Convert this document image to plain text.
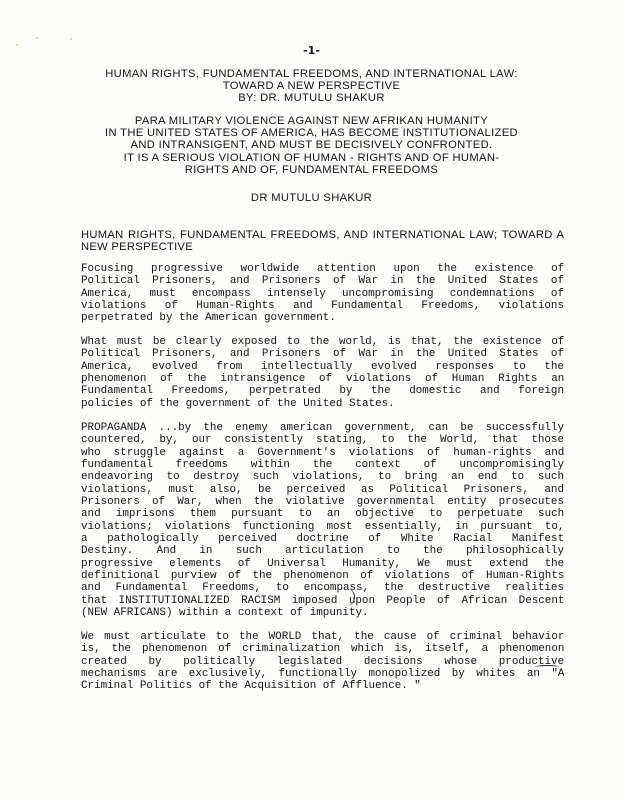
-1-
HUMAN RIGHTS, FUNDAMENTAL FREEDOMS, AND INTERNATIONAL LAW:
TOWARD A NEW PERSPECTIVE
BY: DR. MUTULU SHAKUR
PARA MILITARY VIOLENCE AGAINST NEW AFRIKAN HUMANITY
IN THE UNITED STATES OF AMERICA, HAS BECOME INSTITUTIONALIZED
AND INTRANSIGENT, AND MUST BE DECISIVELY CONFRONTED.
IT IS A SERIOUS VIOLATION OF HUMAN - RIGHTS AND OF HUMAN-
RIGHTS AND OF, FUNDAMENTAL FREEDOMS
DR MUTULU SHAKUR
HUMAN RIGHTS, FUNDAMENTAL FREEDOMS, AND INTERNATIONAL LAW; TOWARD A
NEW PERSPECTIVE
Focusing progressive worldwide attention upon the existence of
Political Prisoners, and Prisoners of War in the United States of
America, must encompass intensely uncompromising condemnations of
violations of Human-Rights and Fundamental Freedoms, violations
perpetrated by the American government.
What must be clearly exposed to the world, is that, the existence of
Political Prisoners, and Prisoners of War in the United States of
America, evolved from intellectually evolved responses to the
phenomenon of the intransigence of violations of Human Rights an
Fundamental Freedoms, perpetrated by the domestic and foreign
policies of the government of the United States.
PROPAGANDA ...by the enemy american government, can be successfully
countered, by, our consistently stating, to the World, that those
who struggle against a Government's violations of human-rights and
fundamental freedoms within the context of uncompromisingly
endeavoring to destroy such violations, to bring an end to such
violations, must also, be perceived as Political Prisoners, and
Prisoners of War, when the violative governmental entity prosecutes
and imprisons them pursuant to an objective to perpetuate such
violations; violations functioning most essentially, in pursuant to,
a pathologically perceived doctrine of White Racial Manifest
Destiny. And in such articulation to the philosophically
progressive elements of Universal Humanity, We must extend the
definitional purview of the phenomenon of violations of Human-Rights
and Fundamental Freedoms, to encompass, the destructive realities
that INSTITUTIONALIZED RACISM imposed upon People of African Descent
(NEW AFRICANS) within a context of impunity.
We must articulate to the WORLD that, the cause of criminal behavior
is, the phenomenon of criminalization which is, itself, a phenomenon
created by politically legislated decisions whose productive
mechanisms are exclusively, functionally monopolized by whites an "A
Criminal Politics of the Acquisition of Affluence. "
